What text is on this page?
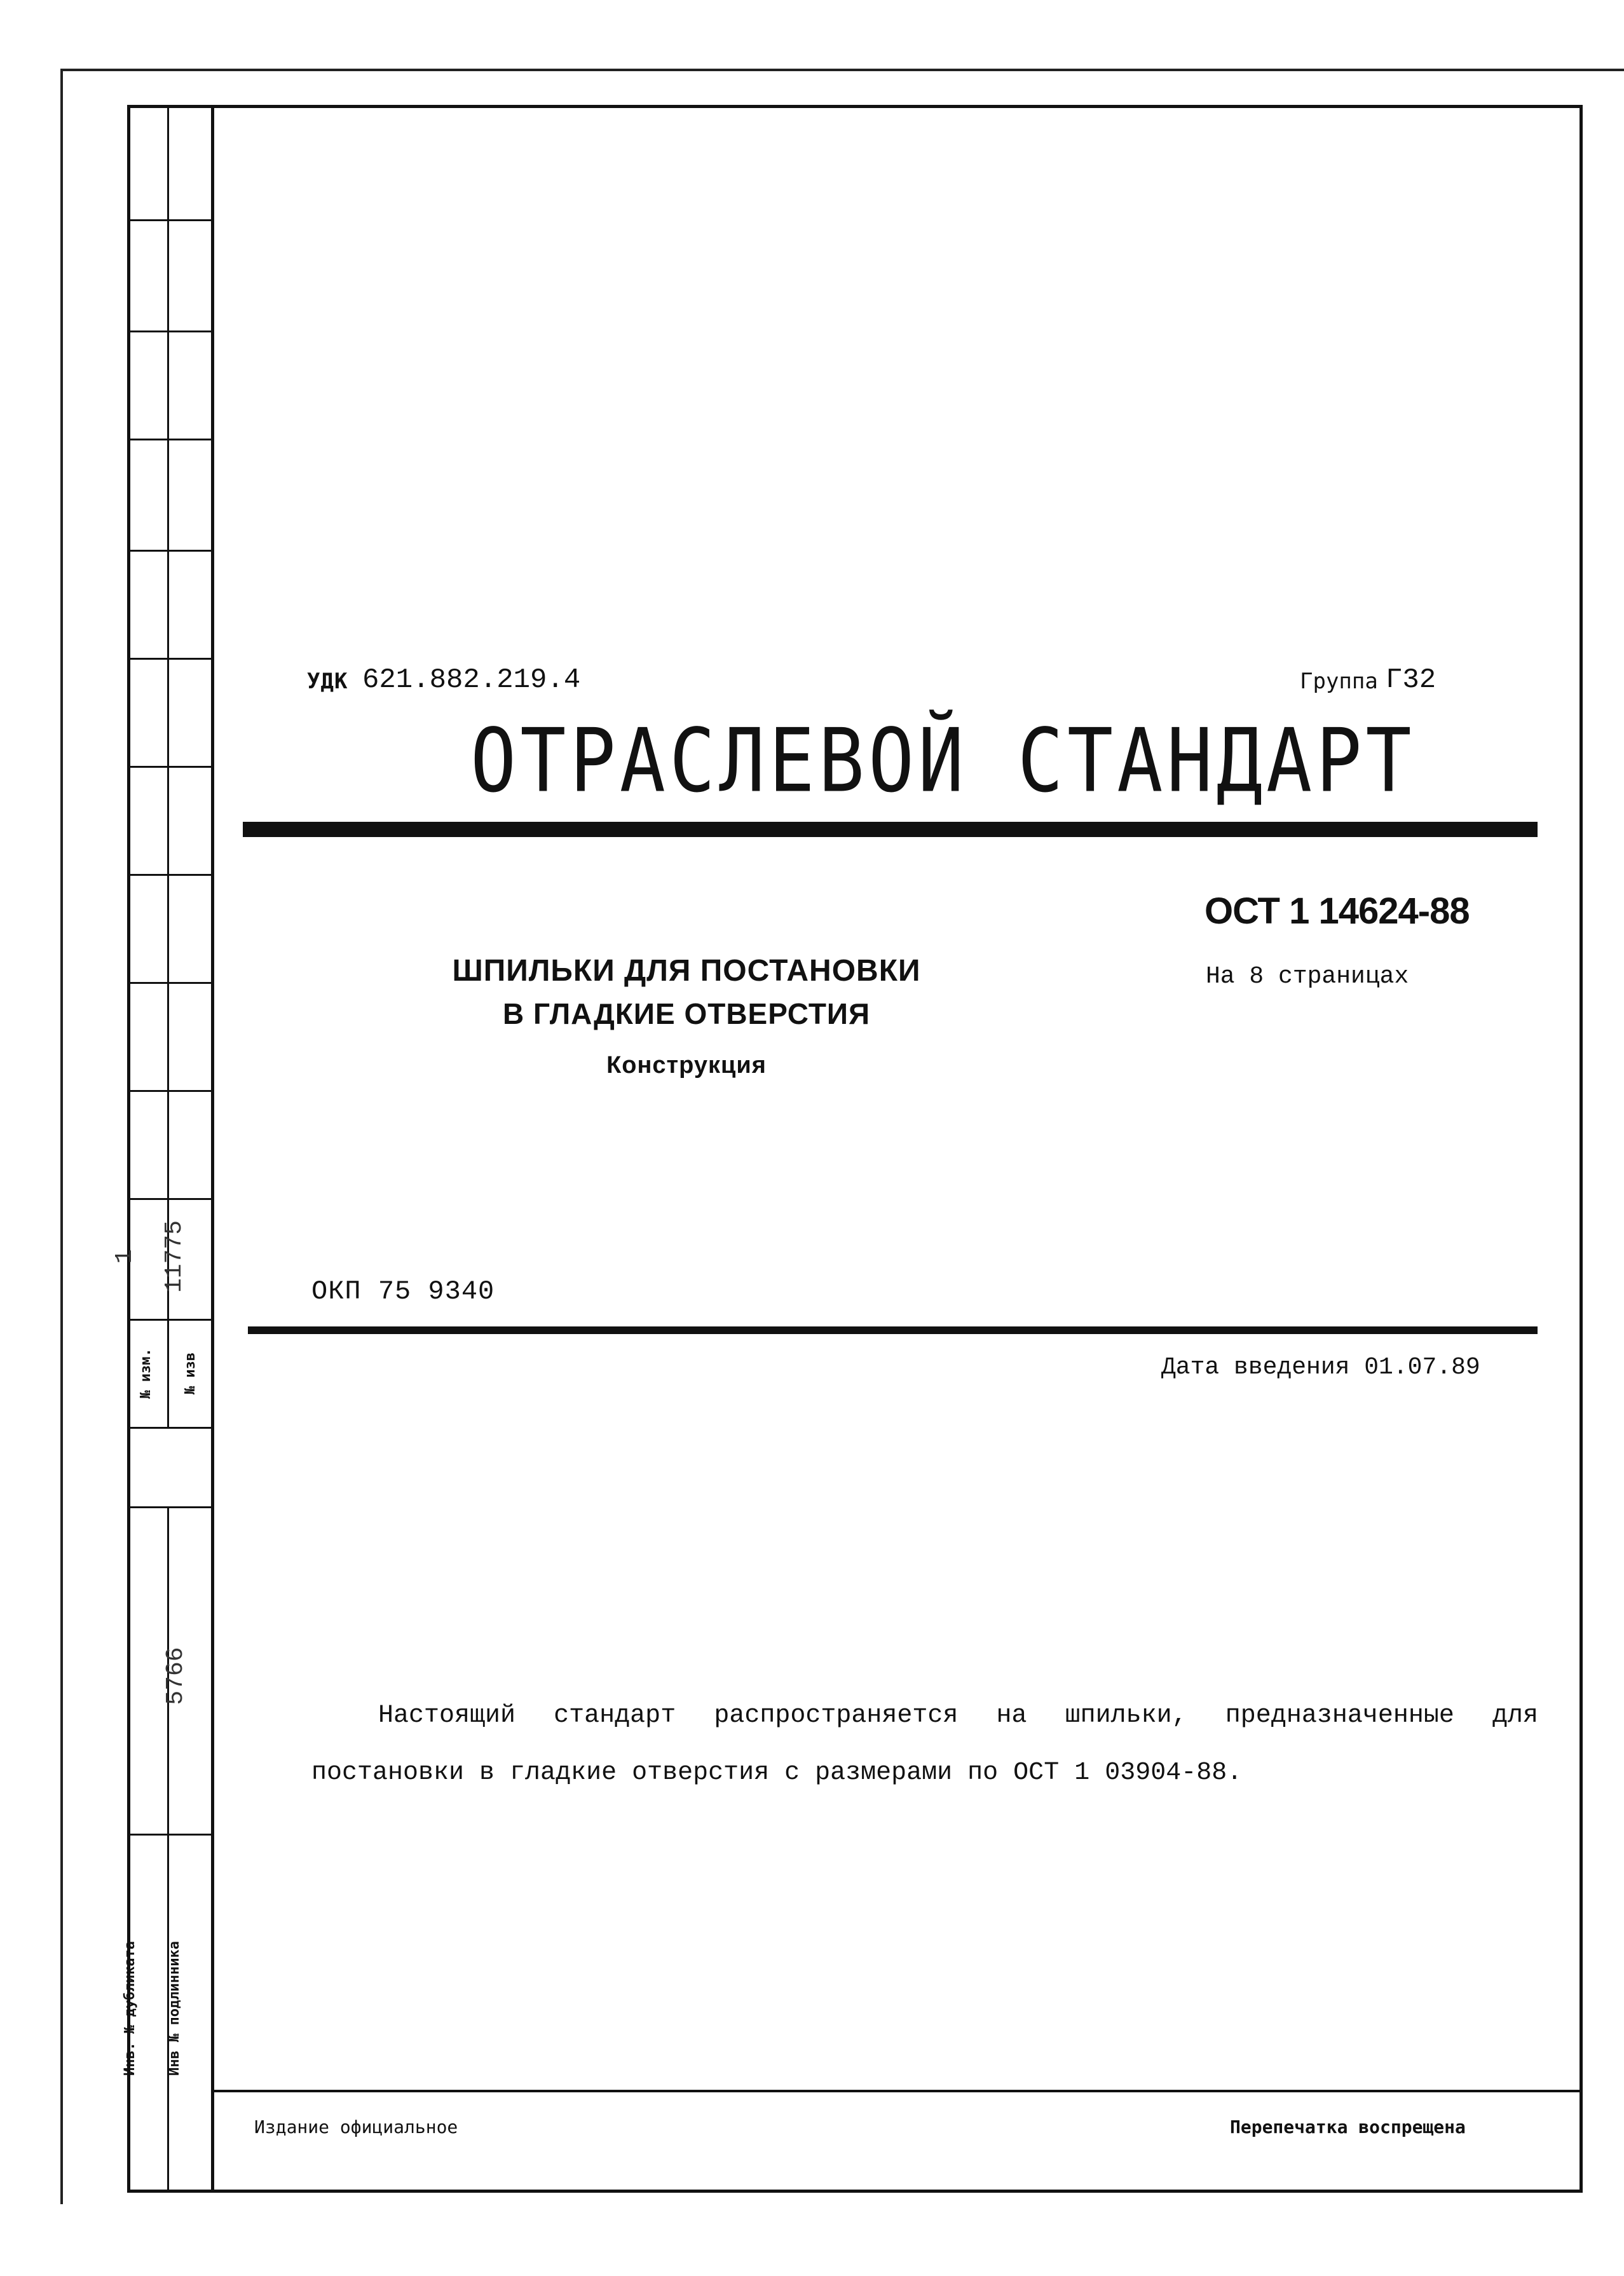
№ изм.
1
№ изв
11775
Инв. № дубликата Инв № подлинника
5766
УДК 621.882.219.4	Группа Г32
ОТРАСЛЕВОЙ СТАНДАРТ
ОСТ 1 14624-88
На 8 страницах
ШПИЛЬКИ ДЛЯ ПОСТАНОВКИ
В ГЛАДКИЕ ОТВЕРСТИЯ
Конструкция
ОКП 75 9340
Дата введения 01.07.89

Настоящий стандарт распространяется на шпильки, предназначенные для постановки в гладкие отверстия с размерами по ОСТ 1 03904-88.

Издание официальное	Перепечатка воспрещена
